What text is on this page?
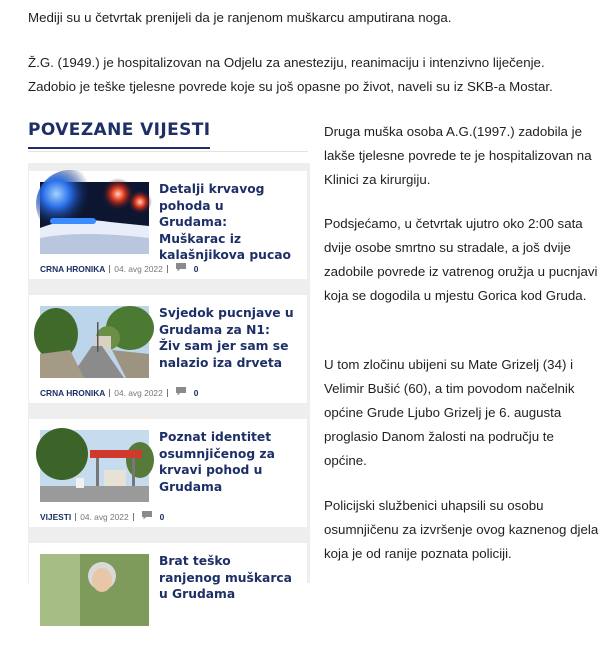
Mediji su u četvrtak prenijeli da je ranjenom muškarcu amputirana noga.
Ž.G. (1949.) je hospitalizovan na Odjelu za anesteziju, reanimaciju i intenzivno liječenje. Zadobio je teške tjelesne povrede koje su još opasne po život, naveli su iz SKB-a Mostar.
POVEZANE VIJESTI
Detalji krvavog pohoda u Grudama: Muškarac iz kalašnjikova pucao
CRNA HRONIKA 04. avg 2022	0
Svjedok pucnjave u Grudama za N1: Živ sam jer sam se nalazio iza drveta
CRNA HRONIKA 04. avg 2022	0
Poznat identitet osumnjičenog za krvavi pohod u Grudama
VIJESTI 04. avg 2022	0
Brat teško ranjenog muškarca u Grudama
Druga muška osoba A.G.(1997.) zadobila je lakše tjelesne povrede te je hospitalizovan na Klinici za kirurgiju.
Podsjećamo, u četvrtak ujutro oko 2:00 sata dvije osobe smrtno su stradale, a još dvije zadobile povrede iz vatrenog oružja u pucnjavi koja se dogodila u mjestu Gorica kod Gruda.
U tom zločinu ubijeni su Mate Grizelj (34) i Velimir Bušić (60), a tim povodom načelnik općine Grude Ljubo Grizelj je 6. augusta proglasio Danom žalosti na području te općine.
Policijski službenici uhapsili su osobu osumnjičenu za izvršenje ovog kaznenog djela koja je od ranije poznata policiji.
